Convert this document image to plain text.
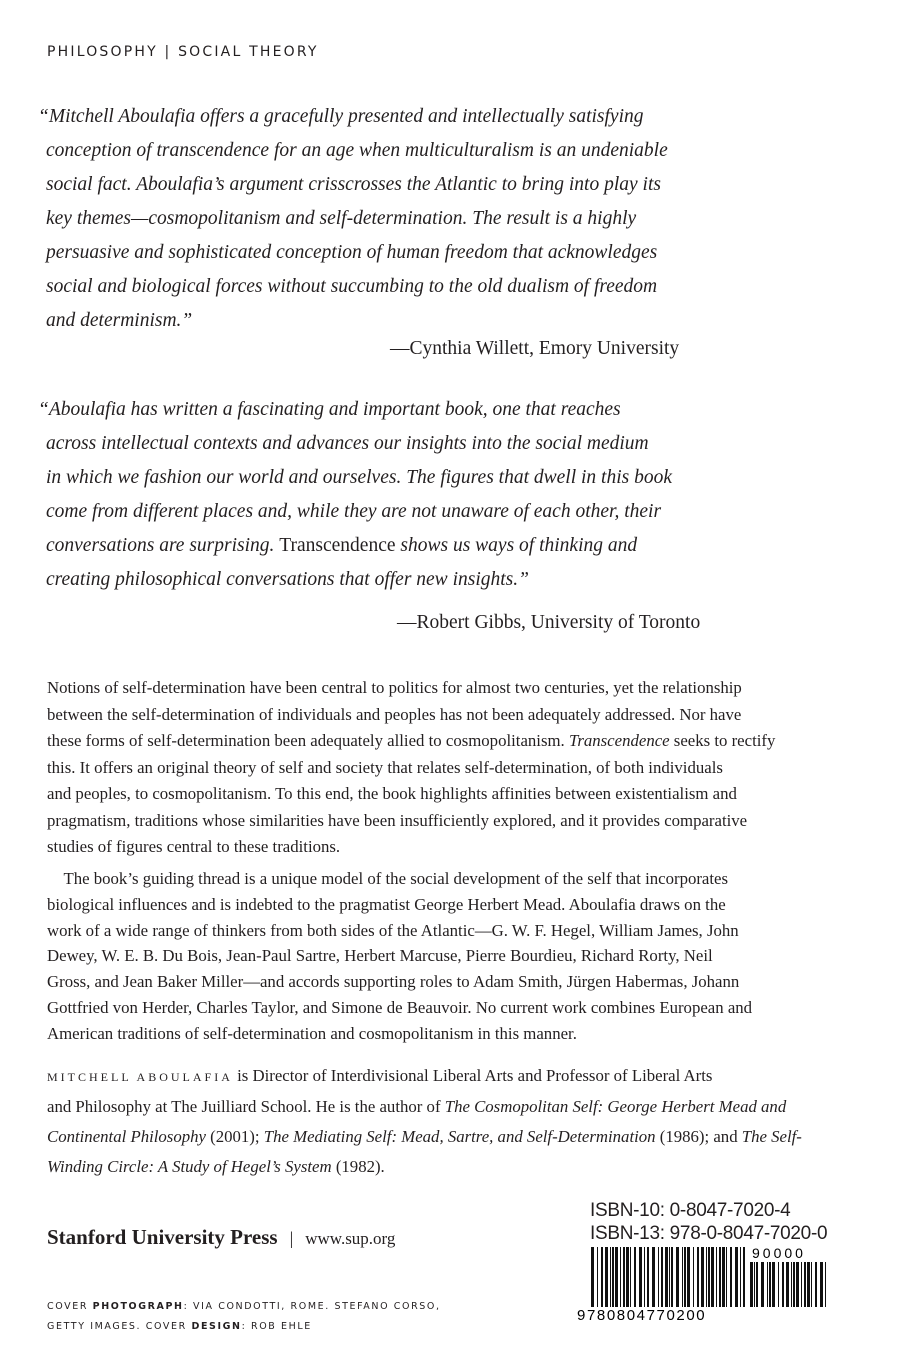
PHILOSOPHY | SOCIAL THEORY
“Mitchell Aboulafia offers a gracefully presented and intellectually satisfying
conception of transcendence for an age when multiculturalism is an undeniable
social fact. Aboulafia’s argument crisscrosses the Atlantic to bring into play its
key themes—cosmopolitanism and self-determination. The result is a highly
persuasive and sophisticated conception of human freedom that acknowledges
social and biological forces without succumbing to the old dualism of freedom
and determinism.”
—Cynthia Willett, Emory University
“Aboulafia has written a fascinating and important book, one that reaches
across intellectual contexts and advances our insights into the social medium
in which we fashion our world and ourselves. The figures that dwell in this book
come from different places and, while they are not unaware of each other, their
conversations are surprising. Transcendence shows us ways of thinking and
creating philosophical conversations that offer new insights.”
—Robert Gibbs, University of Toronto
Notions of self-determination have been central to politics for almost two centuries, yet the relationship
between the self-determination of individuals and peoples has not been adequately addressed. Nor have
these forms of self-determination been adequately allied to cosmopolitanism. Transcendence seeks to rectify
this. It offers an original theory of self and society that relates self-determination, of both individuals
and peoples, to cosmopolitanism. To this end, the book highlights affinities between existentialism and
pragmatism, traditions whose similarities have been insufficiently explored, and it provides comparative
studies of figures central to these traditions.
The book’s guiding thread is a unique model of the social development of the self that incorporates
biological influences and is indebted to the pragmatist George Herbert Mead. Aboulafia draws on the
work of a wide range of thinkers from both sides of the Atlantic—G. W. F. Hegel, William James, John
Dewey, W. E. B. Du Bois, Jean-Paul Sartre, Herbert Marcuse, Pierre Bourdieu, Richard Rorty, Neil
Gross, and Jean Baker Miller—and accords supporting roles to Adam Smith, Jürgen Habermas, Johann
Gottfried von Herder, Charles Taylor, and Simone de Beauvoir. No current work combines European and
American traditions of self-determination and cosmopolitanism in this manner.
MITCHELL ABOULAFIA is Director of Interdivisional Liberal Arts and Professor of Liberal Arts
and Philosophy at The Juilliard School. He is the author of The Cosmopolitan Self: George Herbert Mead and
Continental Philosophy (2001); The Mediating Self: Mead, Sartre, and Self-Determination (1986); and The Self-
Winding Circle: A Study of Hegel’s System (1982).
Stanford University Press | www.sup.org
COVER PHOTOGRAPH: VIA CONDOTTI, ROME. STEFANO CORSO,
GETTY IMAGES. COVER DESIGN: ROB EHLE
ISBN-10: 0-8047-7020-4
ISBN-13: 978-0-8047-7020-0
9780804770200
90000
